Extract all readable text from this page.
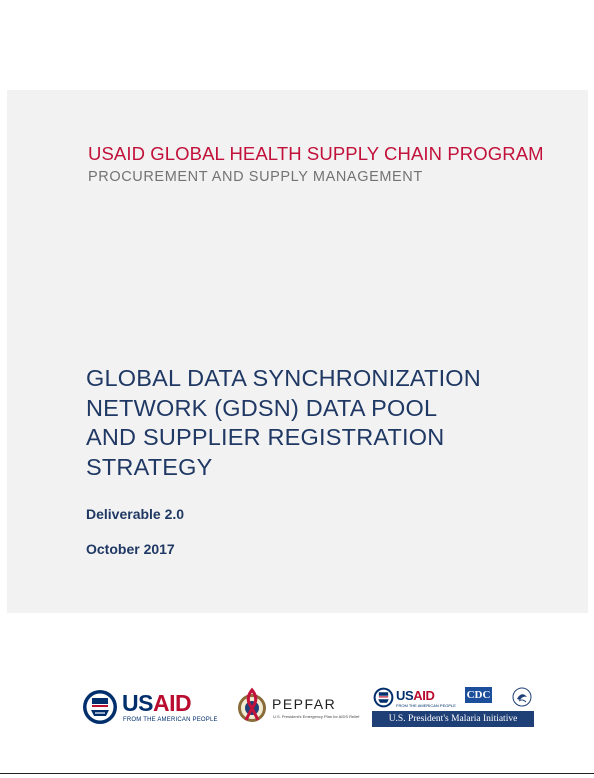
USAID GLOBAL HEALTH SUPPLY CHAIN PROGRAM
PROCUREMENT AND SUPPLY MANAGEMENT
GLOBAL DATA SYNCHRONIZATION
NETWORK (GDSN) DATA POOL
AND SUPPLIER REGISTRATION
STRATEGY
Deliverable 2.0
October 2017
USAID
FROM THE AMERICAN PEOPLE
PEPFAR
U.S. President's Emergency Plan for AIDS Relief
USAID
FROM THE AMERICAN PEOPLE
CDC
U.S. President's Malaria Initiative
